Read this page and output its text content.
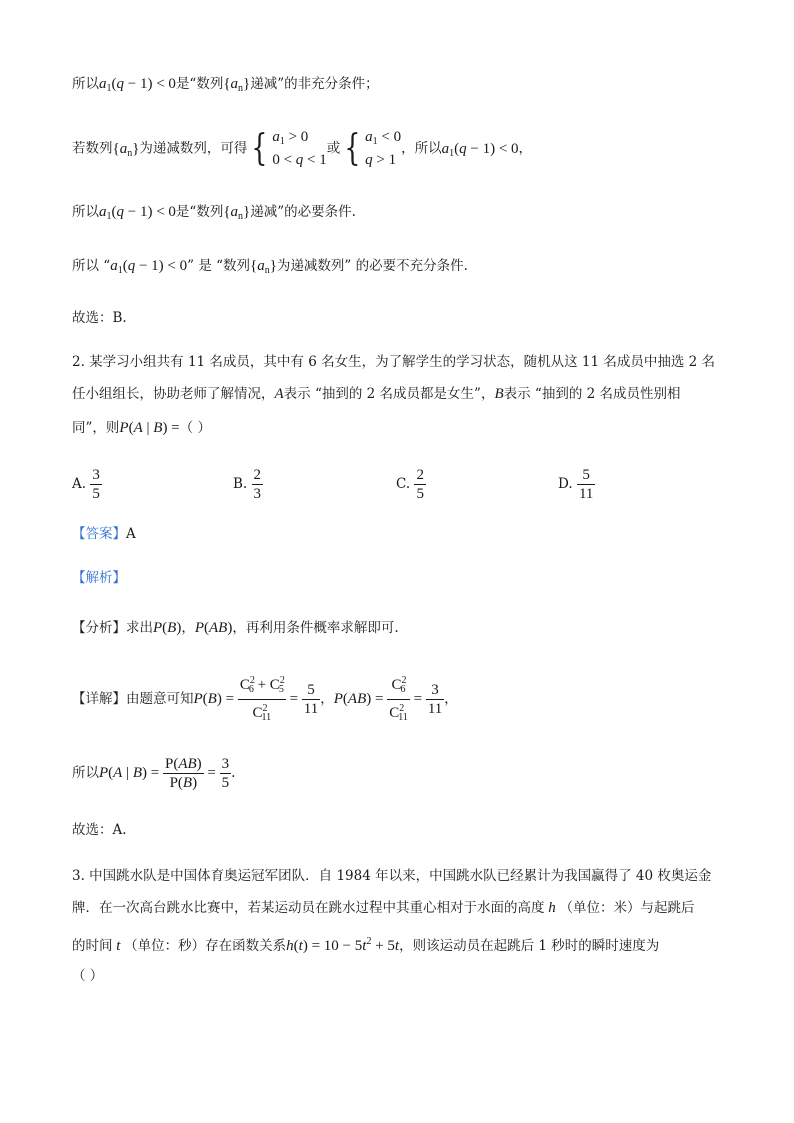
所以$a_1(q - 1) < 0$是“数列$\{a_n\}$递减”的非充分条件；
若数列$\{a_n\}$为递减数列，可得 { $a_1 > 0$
0 < q < 1
或 { $a_1 < 0$
q > 1
，所以$a_1(q - 1) < 0$，
所以$a_1(q - 1) < 0$是“数列$\{a_n\}$递减”的必要条件.
所以 “$a_1(q - 1) < 0$” 是 “数列$\{a_n\}$为递减数列” 的必要不充分条件.
故选：B.
2. 某学习小组共有 11 名成员，其中有 6 名女生，为了解学生的学习状态，随机从这 11 名成员中抽选 2 名
任小组组长，协助老师了解情况，A表示 “抽到的 2 名成员都是女生”，B表示 “抽到的 2 名成员性别相
同”，则P(A | B) =（ ）
A. $\frac{3}{5}$	B. $\frac{2}{3}$	C. $\frac{2}{5}$	D. $\frac{5}{11}$
【答案】A
【解析】
【分析】求出P(B)，P(AB)，再利用条件概率求解即可.
【详解】由题意可知$P(B) = \frac{C^2_6 + C^2_5}{C^2_{11}} = \frac{5}{11}$ ，$P(AB) = \frac{C^2_6}{C^2_{11}} = \frac{3}{11}$ ，
所以P(A | $B) = \frac{P(AB)}{P(B)} = \frac{3}{5}$ .
故选：A.
3. 中国跳水队是中国体育奥运冠军团队．自 1984 年以来，中国跳水队已经累计为我国赢得了 40 枚奥运金
牌．在一次高台跳水比赛中，若某运动员在跳水过程中其重心相对于水面的高度 h （单位：米）与起跳后
的时间 t （单位：秒）存在函数关系$h(t) = 10 - 5t^2 + 5t$，则该运动员在起跳后 1 秒时的瞬时速度为
（ ）
